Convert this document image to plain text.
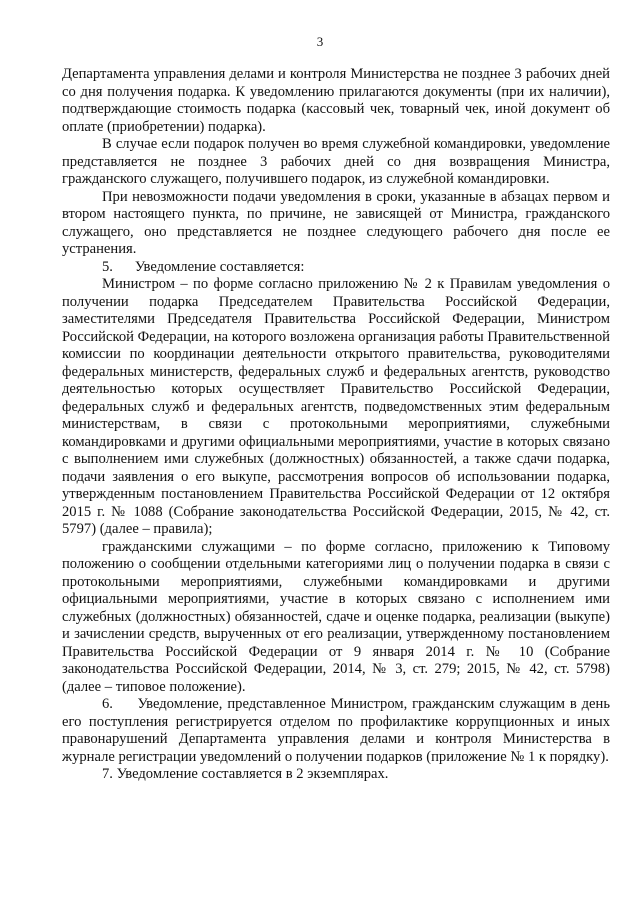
3

Департамента управления делами и контроля Министерства не позднее 3 рабочих дней со дня получения подарка. К уведомлению прилагаются документы (при их наличии), подтверждающие стоимость подарка (кассовый чек, товарный чек, иной документ об оплате (приобретении) подарка).

В случае если подарок получен во время служебной командировки, уведомление представляется не позднее 3 рабочих дней со дня возвращения Министра, гражданского служащего, получившего подарок, из служебной командировки.

При невозможности подачи уведомления в сроки, указанные в абзацах первом и втором настоящего пункта, по причине, не зависящей от Министра, гражданского служащего, оно представляется не позднее следующего рабочего дня после ее устранения.

5.      Уведомление составляется:

Министром – по форме согласно приложению № 2 к Правилам уведомления о получении подарка Председателем Правительства Российской Федерации, заместителями Председателя Правительства Российской Федерации, Министром Российской Федерации, на которого возложена организация работы Правительственной комиссии по координации деятельности открытого правительства, руководителями федеральных министерств, федеральных служб и федеральных агентств, руководство деятельностью которых осуществляет Правительство Российской Федерации, федеральных служб и федеральных агентств, подведомственных этим федеральным министерствам, в связи с протокольными мероприятиями, служебными командировками и другими официальными мероприятиями, участие в которых связано с выполнением ими служебных (должностных) обязанностей, а также сдачи подарка, подачи заявления о его выкупе, рассмотрения вопросов об использовании подарка, утвержденным постановлением Правительства Российской Федерации от 12 октября 2015 г. № 1088 (Собрание законодательства Российской Федерации, 2015, № 42, ст. 5797) (далее – правила);

гражданскими служащими – по форме согласно, приложению к Типовому положению о сообщении отдельными категориями лиц о получении подарка в связи с протокольными мероприятиями, служебными командировками и другими официальными мероприятиями, участие в которых связано с исполнением ими служебных (должностных) обязанностей, сдаче и оценке подарка, реализации (выкупе) и зачислении средств, вырученных от его реализации, утвержденному постановлением Правительства Российской Федерации от 9 января 2014 г. № 10 (Собрание законодательства Российской Федерации, 2014, № 3, ст. 279; 2015, № 42, ст. 5798) (далее – типовое положение).

6.     Уведомление, представленное Министром, гражданским служащим в день его поступления регистрируется отделом по профилактике коррупционных и иных правонарушений Департамента управления делами и контроля Министерства в журнале регистрации уведомлений о получении подарков (приложение № 1 к порядку).

7. Уведомление составляется в 2 экземплярах.
